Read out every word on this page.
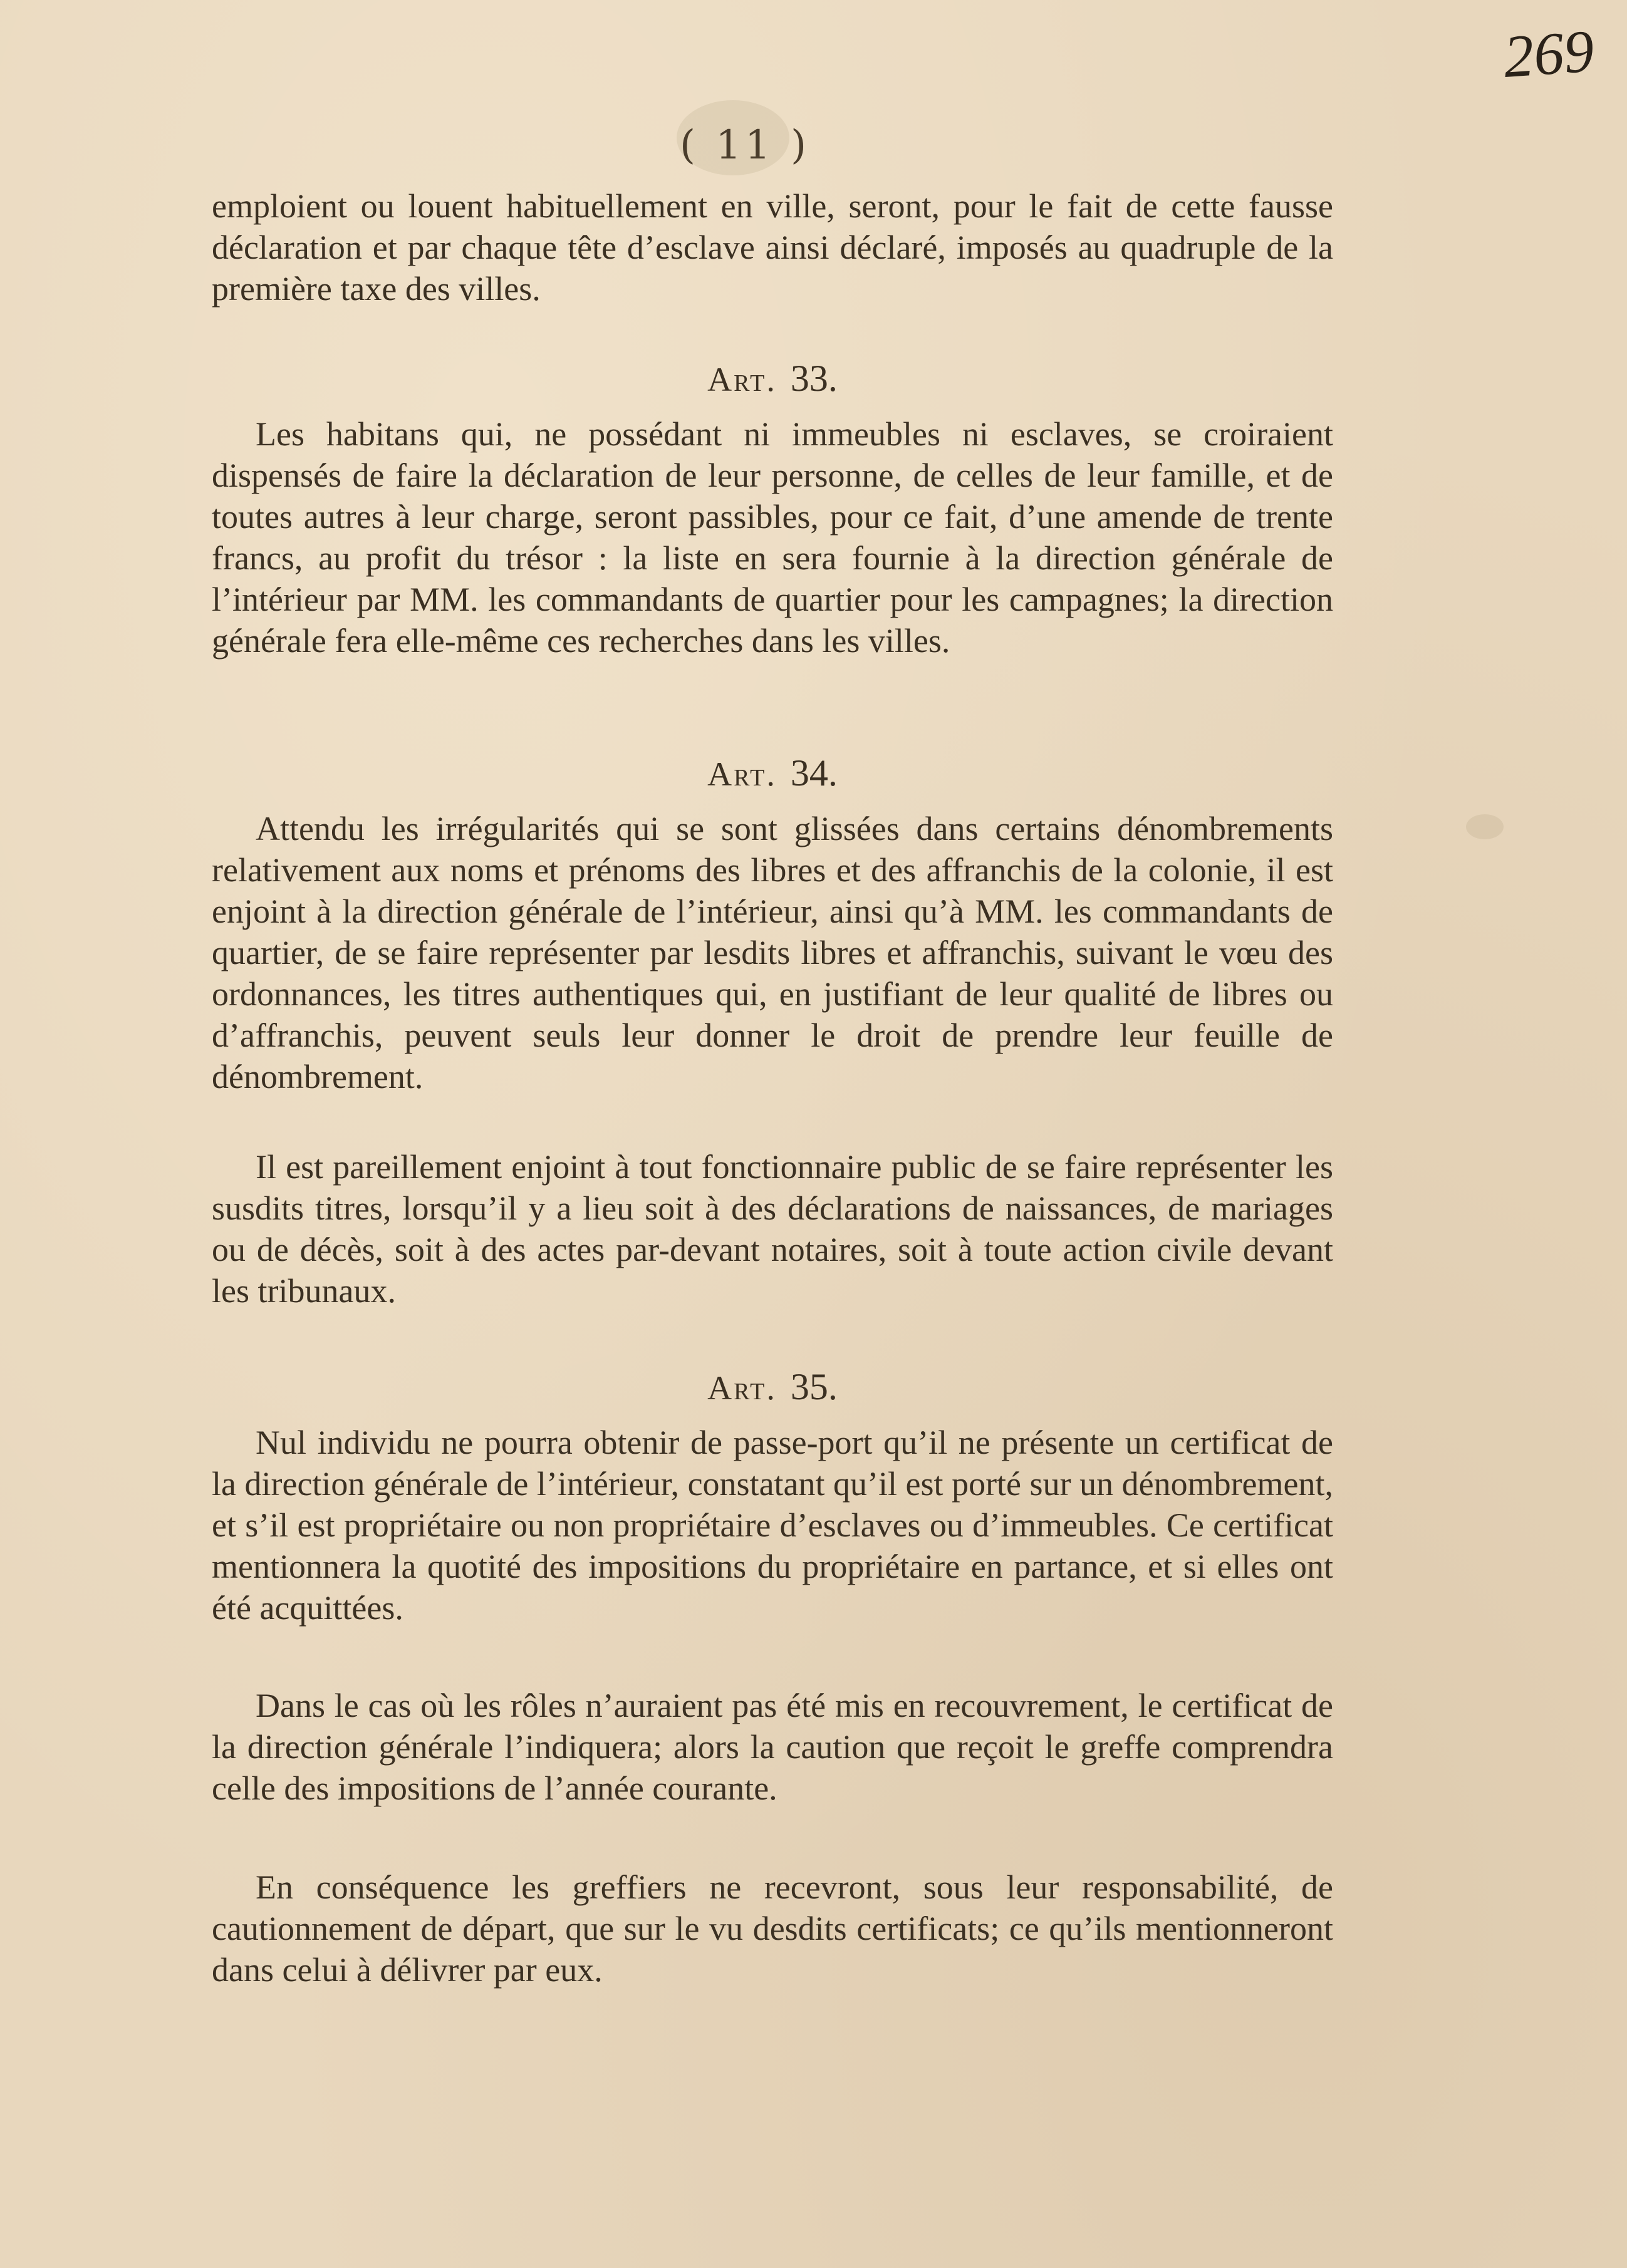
269
( 11 )
emploient ou louent habituellement en ville, seront, pour le fait de cette fausse déclaration et par chaque tête d’esclave ainsi déclaré, imposés au quadruple de la première taxe des villes.
Art. 33.
Les habitans qui, ne possédant ni immeubles ni esclaves, se croiraient dispensés de faire la déclaration de leur personne, de celles de leur famille, et de toutes autres à leur charge, seront passibles, pour ce fait, d’une amende de trente francs, au profit du trésor : la liste en sera fournie à la direction générale de l’intérieur par MM. les commandants de quartier pour les campagnes; la direction générale fera elle-même ces recherches dans les villes.
Art. 34.
Attendu les irrégularités qui se sont glissées dans certains dénombrements relativement aux noms et prénoms des libres et des affranchis de la colonie, il est enjoint à la direction générale de l’intérieur, ainsi qu’à MM. les commandants de quartier, de se faire représenter par lesdits libres et affranchis, suivant le vœu des ordonnances, les titres authentiques qui, en justifiant de leur qualité de libres ou d’affranchis, peuvent seuls leur donner le droit de prendre leur feuille de dénombrement.
Il est pareillement enjoint à tout fonctionnaire public de se faire représenter les susdits titres, lorsqu’il y a lieu soit à des déclarations de naissances, de mariages ou de décès, soit à des actes par-devant notaires, soit à toute action civile devant les tribunaux.
Art. 35.
Nul individu ne pourra obtenir de passe-port qu’il ne présente un certificat de la direction générale de l’intérieur, constatant qu’il est porté sur un dénombrement, et s’il est propriétaire ou non propriétaire d’esclaves ou d’immeubles. Ce certificat mentionnera la quotité des impositions du propriétaire en partance, et si elles ont été acquittées.
Dans le cas où les rôles n’auraient pas été mis en recouvrement, le certificat de la direction générale l’indiquera; alors la caution que reçoit le greffe comprendra celle des impositions de l’année courante.
En conséquence les greffiers ne recevront, sous leur responsabilité, de cautionnement de départ, que sur le vu desdits certificats; ce qu’ils mentionneront dans celui à délivrer par eux.
